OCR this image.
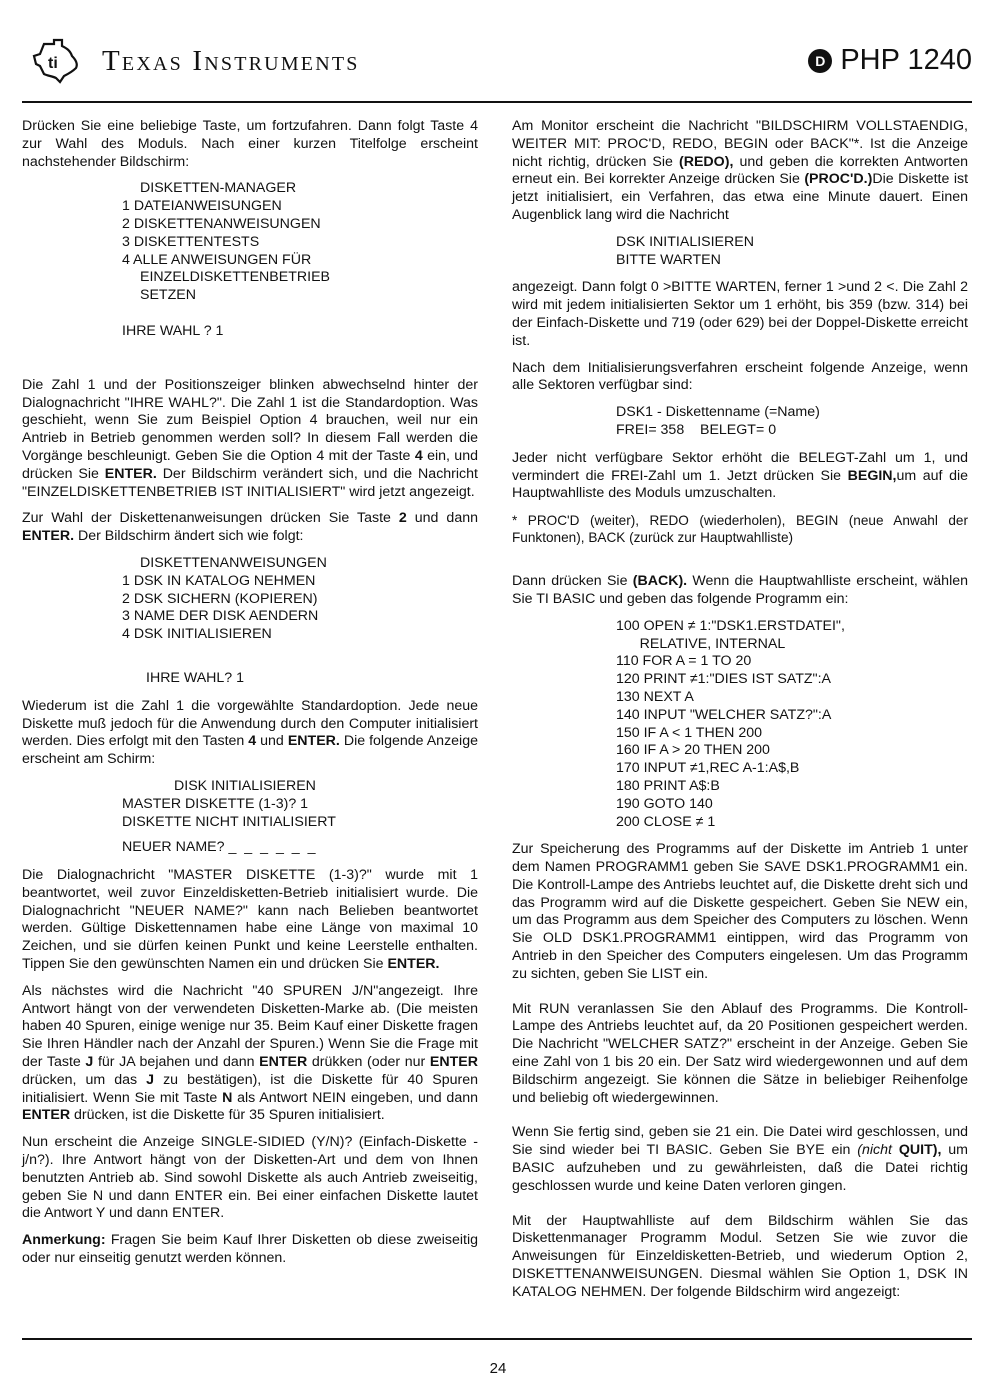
ti Texas Instruments	D PHP 1240

Drücken Sie eine beliebige Taste, um fortzufahren. Dann folgt Taste 4 zur Wahl des Moduls. Nach einer kurzen Titelfolge erscheint nachstehender Bildschirm:

DISKETTEN-MANAGER
1 DATEIANWEISUNGEN
2 DISKETTENANWEISUNGEN
3 DISKETTENTESTS
4 ALLE ANWEISUNGEN FÜR
EINZELDISKETTENBETRIEB
SETZEN
IHRE WAHL ? 1

Die Zahl 1 und der Positionszeiger blinken abwechselnd hinter der Dialognachricht "IHRE WAHL?". Die Zahl 1 ist die Standardoption. Was geschieht, wenn Sie zum Beispiel Option 4 brauchen, weil nur ein Antrieb in Betrieb genommen werden soll? In diesem Fall werden die Vorgänge beschleunigt. Geben Sie die Option 4 mit der Taste 4 ein, und drücken Sie ENTER. Der Bildschirm verändert sich, und die Nachricht "EINZELDISKETTENBETRIEB IST INITIALISIERT" wird jetzt angezeigt.

Zur Wahl der Diskettenanweisungen drücken Sie Taste 2 und dann ENTER. Der Bildschirm ändert sich wie folgt:

DISKETTENANWEISUNGEN
1 DSK IN KATALOG NEHMEN
2 DSK SICHERN (KOPIEREN)
3 NAME DER DISK AENDERN
4 DSK INITIALISIEREN
IHRE WAHL? 1

Wiederum ist die Zahl 1 die vorgewählte Standardoption. Jede neue Diskette muß jedoch für die Anwendung durch den Computer initialisiert werden. Dies erfolgt mit den Tasten 4 und ENTER. Die folgende Anzeige erscheint am Schirm:

DISK INITIALISIEREN
MASTER DISKETTE (1-3)? 1
DISKETTE NICHT INITIALISIERT
NEUER NAME? _ _ _ _ _ _

Die Dialognachricht "MASTER DISKETTE (1-3)?" wurde mit 1 beantwortet, weil zuvor Einzeldisketten-Betrieb initialisiert wurde. Die Dialognachricht "NEUER NAME?" kann nach Belieben beantwortet werden. Gültige Diskettennamen habe eine Länge von maximal 10 Zeichen, und sie dürfen keinen Punkt und keine Leerstelle enthalten. Tippen Sie den gewünschten Namen ein und drücken Sie ENTER.

Als nächstes wird die Nachricht "40 SPUREN J/N"angezeigt. Ihre Antwort hängt von der verwendeten Disketten-Marke ab. (Die meisten haben 40 Spuren, einige wenige nur 35. Beim Kauf einer Diskette fragen Sie Ihren Händler nach der Anzahl der Spuren.) Wenn Sie die Frage mit der Taste J für JA bejahen und dann ENTER drükken (oder nur ENTER drücken, um das J zu bestätigen), ist die Diskette für 40 Spuren initialisiert. Wenn Sie mit Taste N als Antwort NEIN eingeben, und dann ENTER drücken, ist die Diskette für 35 Spuren initialisiert.

Nun erscheint die Anzeige SINGLE-SIDIED (Y/N)? (Einfach-Diskette - j/n?). Ihre Antwort hängt von der Disketten-Art und dem von Ihnen benutzten Antrieb ab. Sind sowohl Diskette als auch Antrieb zweiseitig, geben Sie N und dann ENTER ein. Bei einer einfachen Diskette lautet die Antwort Y und dann ENTER.

Anmerkung: Fragen Sie beim Kauf Ihrer Disketten ob diese zweiseitig oder nur einseitig genutzt werden können.

Am Monitor erscheint die Nachricht "BILDSCHIRM VOLLSTAENDIG, WEITER MIT: PROC'D, REDO, BEGIN oder BACK"*. Ist die Anzeige nicht richtig, drücken Sie (REDO), und geben die korrekten Antworten erneut ein. Bei korrekter Anzeige drücken Sie (PROC'D.)Die Diskette ist jetzt initialisiert, ein Verfahren, das etwa eine Minute dauert. Einen Augenblick lang wird die Nachricht

DSK INITIALISIEREN
BITTE WARTEN

angezeigt. Dann folgt 0 >BITTE WARTEN, ferner 1 >und 2 <. Die Zahl 2 wird mit jedem initialisierten Sektor um 1 erhöht, bis 359 (bzw. 314) bei der Einfach-Diskette und 719 (oder 629) bei der Doppel-Diskette erreicht ist.

Nach dem Initialisierungsverfahren erscheint folgende Anzeige, wenn alle Sektoren verfügbar sind:

DSK1 - Diskettenname (=Name)
FREI= 358    BELEGT= 0

Jeder nicht verfügbare Sektor erhöht die BELEGT-Zahl um 1, und vermindert die FREI-Zahl um 1. Jetzt drücken Sie BEGIN,um auf die Hauptwahlliste des Moduls umzuschalten.

* PROC'D (weiter), REDO (wiederholen), BEGIN (neue Anwahl der Funktonen), BACK (zurück zur Hauptwahlliste)

Dann drücken Sie (BACK). Wenn die Hauptwahlliste erscheint, wählen Sie TI BASIC und geben das folgende Programm ein:

100 OPEN ≠ 1:"DSK1.ERSTDATEI",
RELATIVE, INTERNAL
110 FOR A = 1 TO 20
120 PRINT ≠1:"DIES IST SATZ":A
130 NEXT A
140 INPUT "WELCHER SATZ?":A
150 IF A < 1 THEN 200
160 IF A > 20 THEN 200
170 INPUT ≠1,REC A-1:A$,B
180 PRINT A$:B
190 GOTO 140
200 CLOSE ≠ 1

Zur Speicherung des Programms auf der Diskette im Antrieb 1 unter dem Namen PROGRAMM1 geben Sie SAVE DSK1.PROGRAMM1 ein. Die Kontroll-Lampe des Antriebs leuchtet auf, die Diskette dreht sich und das Programm wird auf die Diskette gespeichert. Geben Sie NEW ein, um das Programm aus dem Speicher des Computers zu löschen. Wenn Sie OLD DSK1.PROGRAMM1 eintippen, wird das Programm von Antrieb in den Speicher des Computers eingelesen. Um das Programm zu sichten, geben Sie LIST ein.

Mit RUN veranlassen Sie den Ablauf des Programms. Die Kontroll-Lampe des Antriebs leuchtet auf, da 20 Positionen gespeichert werden. Die Nachricht "WELCHER SATZ?" erscheint in der Anzeige. Geben Sie eine Zahl von 1 bis 20 ein. Der Satz wird wiedergewonnen und auf dem Bildschirm angezeigt. Sie können die Sätze in beliebiger Reihenfolge und beliebig oft wiedergewinnen.

Wenn Sie fertig sind, geben sie 21 ein. Die Datei wird geschlossen, und Sie sind wieder bei TI BASIC. Geben Sie BYE ein (nicht QUIT), um BASIC aufzuheben und zu gewährleisten, daß die Datei richtig geschlossen wurde und keine Daten verloren gingen.

Mit der Hauptwahlliste auf dem Bildschirm wählen Sie das Diskettenmanager Programm Modul. Setzen Sie wie zuvor die Anweisungen für Einzeldisketten-Betrieb, und wiederum Option 2, DISKETTENANWEISUNGEN. Diesmal wählen Sie Option 1, DSK IN KATALOG NEHMEN. Der folgende Bildschirm wird angezeigt:

24
